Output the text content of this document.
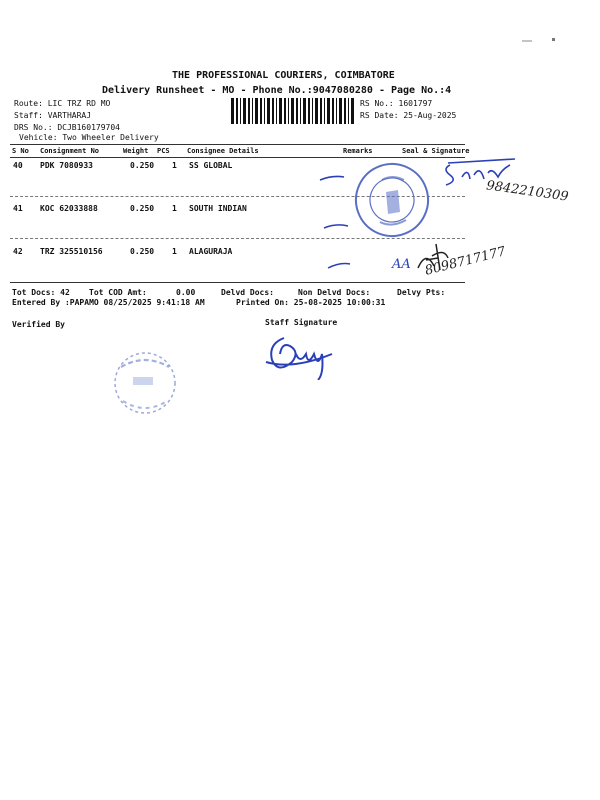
THE PROFESSIONAL COURIERS, COIMBATORE
Delivery Runsheet - MO - Phone No.:9047080280 - Page No.:4
Route: LIC TRZ RD MO
Staff: VARTHARAJ
DRS No.: DCJB160179704
Vehicle: Two Wheeler Delivery
RS No.: 1601797
RS Date: 25-Aug-2025
S No Consignment No	Weight PCS Consignee Details	Remarks	Seal & Signature
40 PDK 7080933	0.250 1 SS GLOBAL
41 KOC 62033888	0.250 1 SOUTH INDIAN
42 TRZ 325510156	0.250 1 ALAGURAJA
Tot Docs: 42 Tot COD Amt:	0.00	Delvd Docs:	Non Delvd Docs:	Delvy Pts:
Entered By :PAPAMO 08/25/2025 9:41:18 AM	Printed On: 25-08-2025 10:00:31
Verified By	Staff Signature
9842210309
AA 8098717177
